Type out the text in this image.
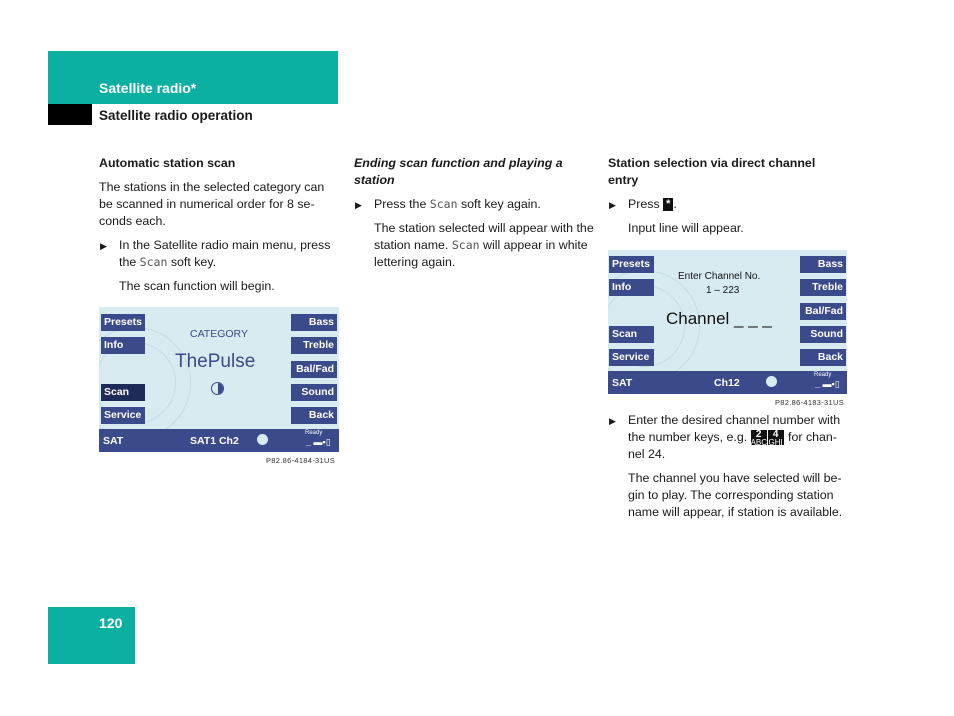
Satellite radio*
Satellite radio operation

Automatic station scan

The stations in the selected category can be scanned in numerical order for 8 se- conds each.

▶ In the Satellite radio main menu, press the Scan soft key.

The scan function will begin.

Presets
Info
Scan
Service
Bass
Treble
Bal/Fad
Sound
Back
CATEGORY
ThePulse
SAT	SAT1 Ch2
Ready
_ ▬▪▯
P82.86-4184-31US

Ending scan function and playing a station

▶ Press the Scan soft key again.

The station selected will appear with the station name. Scan will appear in white lettering again.

Station selection via direct channel entry

▶ Press * .

Input line will appear.

Presets
Info
Scan
Service
Bass
Treble
Bal/Fad
Sound
Back
Enter Channel No.
1 – 223
Channel _ _ _
SAT	Ch12
Ready
_ ▬▪▯
P82.86-4183-31US
▶ Enter the desired channel number with the number keys, e.g. 2
ABC
4
GHI for chan- nel 24.

The channel you have selected will be- gin to play. The corresponding station name will appear, if station is available.

120
